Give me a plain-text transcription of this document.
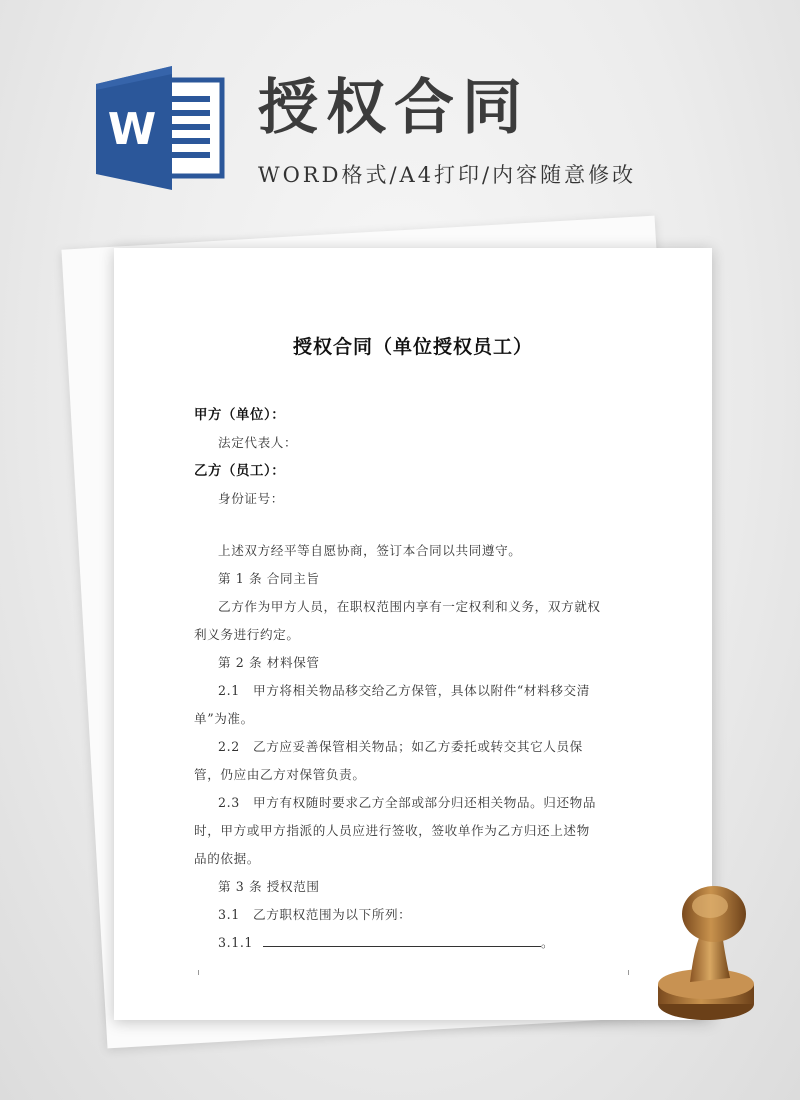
W 授权合同
WORD格式/A4打印/内容随意修改
授权合同（单位授权员工）
甲方（单位）：
法定代表人：
乙方（员工）：
身份证号：
上述双方经平等自愿协商，签订本合同以共同遵守。
第 1 条 合同主旨
乙方作为甲方人员，在职权范围内享有一定权利和义务，双方就权
利义务进行约定。
第 2 条 材料保管
2.1　甲方将相关物品移交给乙方保管，具体以附件“材料移交清
单”为准。
2.2　乙方应妥善保管相关物品；如乙方委托或转交其它人员保
管，仍应由乙方对保管负责。
2.3　甲方有权随时要求乙方全部或部分归还相关物品。归还物品
时，甲方或甲方指派的人员应进行签收，签收单作为乙方归还上述物
品的依据。
第 3 条 授权范围
3.1　乙方职权范围为以下所列：
3.1.1	。
